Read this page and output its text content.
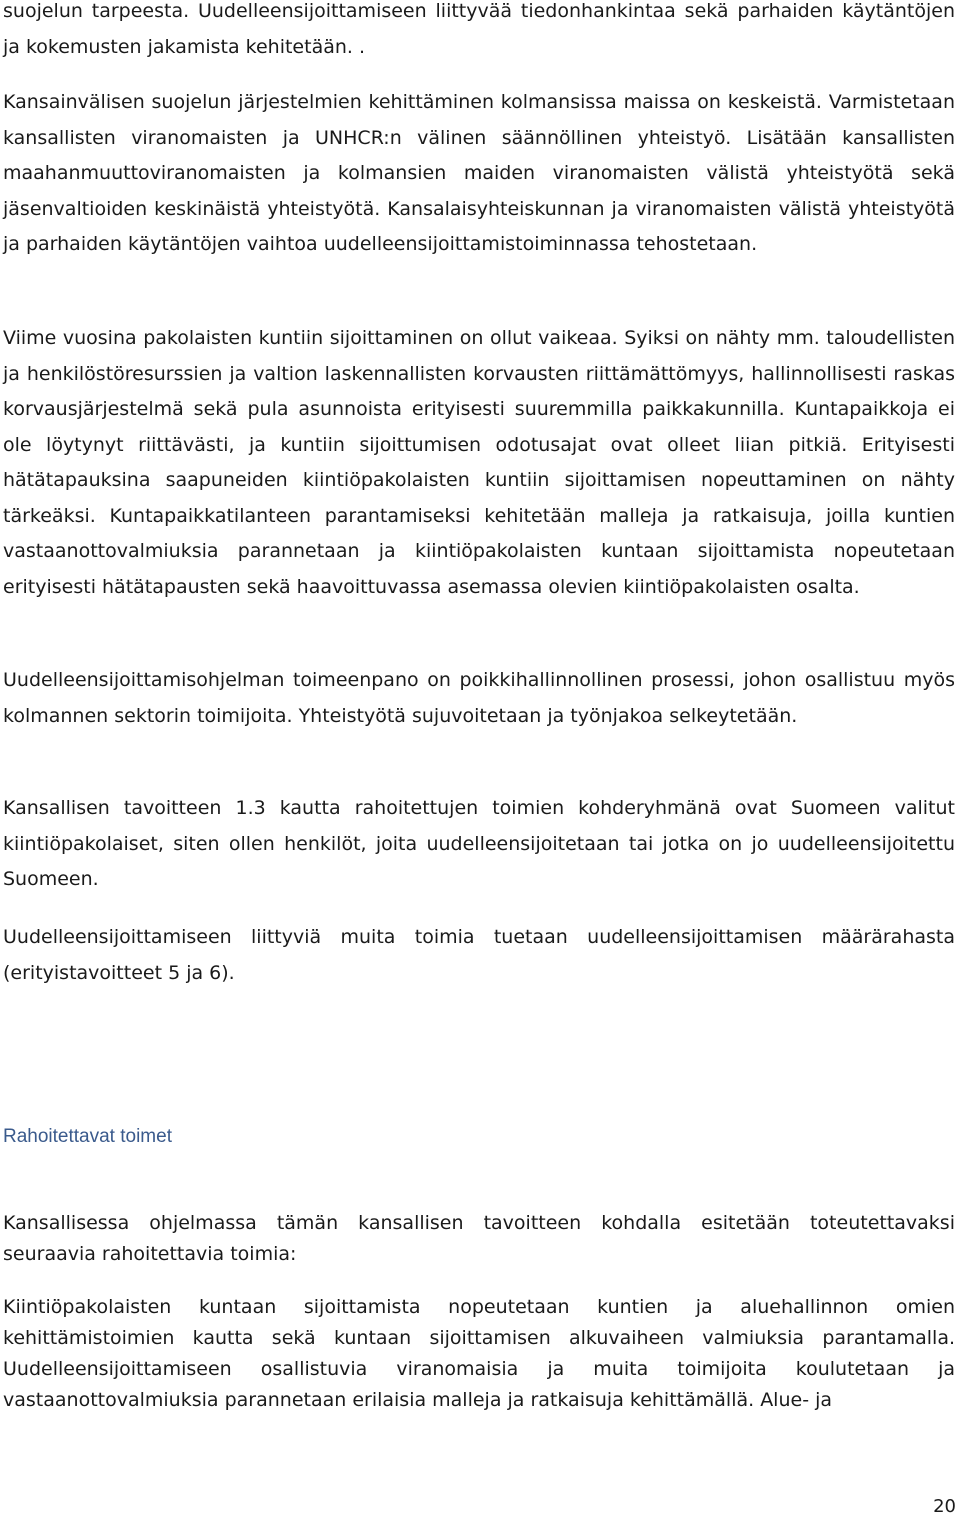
suojelun tarpeesta. Uudelleensijoittamiseen liittyvää tiedonhankintaa sekä parhaiden käytäntöjen ja kokemusten jakamista kehitetään. .

Kansainvälisen suojelun järjestelmien kehittäminen kolmansissa maissa on keskeistä. Varmistetaan kansallisten viranomaisten ja UNHCR:n välinen säännöllinen yhteistyö. Lisätään kansallisten maahanmuuttoviranomaisten ja kolmansien maiden viranomaisten välistä yhteistyötä sekä jäsenvaltioiden keskinäistä yhteistyötä. Kansalaisyhteiskunnan ja viranomaisten välistä yhteistyötä ja parhaiden käytäntöjen vaihtoa uudelleensijoittamistoiminnassa tehostetaan.

Viime vuosina pakolaisten kuntiin sijoittaminen on ollut vaikeaa. Syiksi on nähty mm. taloudellisten ja henkilöstöresurssien ja valtion laskennallisten korvausten riittämättömyys, hallinnollisesti raskas korvausjärjestelmä sekä pula asunnoista erityisesti suuremmilla paikkakunnilla. Kuntapaikkoja ei ole löytynyt riittävästi, ja kuntiin sijoittumisen odotusajat ovat olleet liian pitkiä. Erityisesti hätätapauksina saapuneiden kiintiöpakolaisten kuntiin sijoittamisen nopeuttaminen on nähty tärkeäksi. Kuntapaikkatilanteen parantamiseksi kehitetään malleja ja ratkaisuja, joilla kuntien vastaanottovalmiuksia parannetaan ja kiintiöpakolaisten kuntaan sijoittamista nopeutetaan erityisesti hätätapausten sekä haavoittuvassa asemassa olevien kiintiöpakolaisten osalta.

Uudelleensijoittamisohjelman toimeenpano on poikkihallinnollinen prosessi, johon osallistuu myös kolmannen sektorin toimijoita. Yhteistyötä sujuvoitetaan ja työnjakoa selkeytetään.

Kansallisen tavoitteen 1.3 kautta rahoitettujen toimien kohderyhmänä ovat Suomeen valitut kiintiöpakolaiset, siten ollen henkilöt, joita uudelleensijoitetaan tai jotka on jo uudelleensijoitettu Suomeen.

Uudelleensijoittamiseen liittyviä muita toimia tuetaan uudelleensijoittamisen määrärahasta (erityistavoitteet 5 ja 6).

Rahoitettavat toimet

Kansallisessa ohjelmassa tämän kansallisen tavoitteen kohdalla esitetään toteutettavaksi seuraavia rahoitettavia toimia:

Kiintiöpakolaisten kuntaan sijoittamista nopeutetaan kuntien ja aluehallinnon omien kehittämistoimien kautta sekä kuntaan sijoittamisen alkuvaiheen valmiuksia parantamalla. Uudelleensijoittamiseen osallistuvia viranomaisia ja muita toimijoita koulutetaan ja vastaanottovalmiuksia parannetaan erilaisia malleja ja ratkaisuja kehittämällä. Alue- ja

20
